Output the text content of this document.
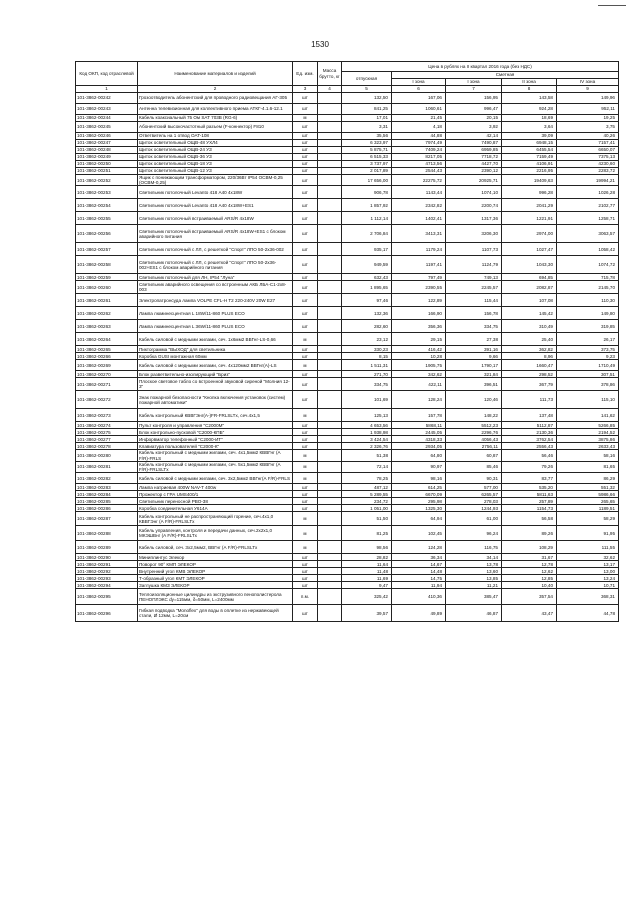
1530
Код ОКП, код отраслевой	Наименование материалов и изделий	Ед. изм.	Масса брутто, кг	Цена в рублях на II квартал 2016 года (без НДС)				
				отпускная	Сметная			
					I зона	I зона	II зона	IV зона
1	2	3	4	5	6	7	8	9
101-3862-00242	Грозоотводитель абонентский для проводного радиовещания АГ-305	шт		132,50	167,06	156,95	143,58	149,96
101-3862-00243	Антенна телевизионная для коллективного приема АТКГ-4.1.6-12.1	шт		841,25	1060,61	996,47	924,28	952,11
101-3862-00244	Кабель коаксиальный 75 Ом SAT 703B (RG-6)	м		17,01	21,45	20,15	18,69	19,25
101-3862-00245	Абонентский высокочастотный разъем (F-коннектор) F810	шт		3,31	4,18	3,92	3,64	3,75
101-3862-00246	Ответвитель на 1 отвод OAT-108	шт		35,56	44,88	42,14	39,09	40,26
101-3862-00247	Щиток осветительный ОЩВ-48 УХЛ4	шт		6 323,97	7974,49	7490,87	6948,15	7157,41
101-3862-00248	Щиток осветительный ОЩВ-24 УЗ	шт		5 875,71	7409,24	6959,85	6455,54	6650,07
101-3862-00249	Щиток осветительный ОЩВ-36 УЗ	шт		6 515,33	8217,05	7718,72	7159,49	7375,13
101-3862-00250	Щиток осветительный ОЩВ-18 УЗ	шт		3 737,97	4713,56	4427,70	4106,91	4230,60
101-3862-00251	Щиток осветительный ОЩВ-12 УЗ	шт		2 017,89	2544,43	2390,12	2216,95	2283,72
101-3862-00252	Ящик с понижающим трансформатором, 220/36Вт IP54 ОСВМ-0,25 (ОСВМ-0,25)	шт		17 656,00	22275,72	20925,71	19409,63	19994,21
101-3862-00253	Светильник потолочный Levanto 418 А40 4х18W	шт		906,78	1143,44	1074,10	996,28	1026,28
101-3862-00254	Светильник потолочный Levanto 418 А40 4х18W+ES1	шт		1 857,92	2342,82	2200,74	2041,29	2102,77
101-3862-00255	Светильник потолочный встраиваемый ARS/R 4х18W	шт		1 112,14	1402,41	1317,36	1221,91	1258,71
101-3862-00256	Светильник потолочный встраиваемый ARS/R 4х18W+ES1 с блоком аварийного питания	шт		2 706,84	3413,31	3206,30	2974,00	3063,57
101-3862-00257	Светильник потолочный с ЛЛ, с решеткой "Спорт" ЛПО 50-2х36-002	шт		935,17	1179,24	1107,73	1027,47	1058,42
101-3862-00258	Светильник потолочный с ЛЛ, с решеткой "Спорт" ЛПО 50-2х36-002+ES1 с блоком аварийного питания	шт		949,59	1197,41	1124,79	1043,30	1074,72
101-3862-00259	Светильник потолочный для ЛН, IP54 "Луна"	шт		632,43	797,49	749,13	694,85	715,78
101-3862-00260	Светильник аварийного освещения со встроенным АКБ ЛБА-С1-2х8-003	шт		1 895,65	2390,55	2245,57	2082,87	2145,70
101-3862-00261	Электропатронсуда лампа VOLPE CFL-H T2 220-240V 20W E27	шт		97,46	122,89	115,44	107,08	110,30
101-3862-00262	Лампа люминесцентная L 18W/11-860 PLUS ECO	шт		132,36	166,90	156,78	145,42	149,80
101-3862-00263	Лампа люминесцентная L 36W/11-860 PLUS ECO	шт		282,60	356,36	334,75	310,49	319,85
101-3862-00264	Кабель силовой с медными жилами, сеч. 1х6мм2 ВВГнг-LS-0,66	м		23,12	29,15	27,38	25,40	26,17
101-3862-00265	Пиктограмма "ВЫХОД" для светильника	шт		330,23	416,42	391,16	362,82	373,75
101-3862-00266	Коробка GUSI монтажная 60мм	шт		8,15	10,28	9,66	8,96	9,23
101-3862-00269	Кабель силовой с медными жилами, сеч. 4х120мм2 ВВГнг(А)-LS	м		1 511,31	1905,75	1790,17	1660,47	1710,49
101-3862-00270	Блок разветвительно-изолирующий "Бриз"	шт		271,70	342,62	321,84	298,52	307,51
101-3862-00271	Плоское световое табло со встроенной звуковой сиреной "Молния 12-3"	шт		334,75	422,11	396,51	367,79	378,86
101-3862-00272	Знак пожарной безопасности "Кнопка включения установок (систем) пожарной автоматики"	шт		101,69	128,24	120,46	111,73	115,10
101-3862-00273	Кабель контрольный КВВГЭнг(А-)FR-FRLSLTx, сеч.4х1,5	м		125,13	157,78	148,22	137,48	141,62
101-3862-00274	Пульт контроля и управления "С2000М"	шт		4 653,56	5868,11	5512,23	5112,87	5266,85
101-3862-00275	Блок контрольно-пусковой "С2000-КПБ"	шт		1 938,98	2445,05	2296,76	2130,36	2194,52
101-3862-00277	Инфорвматор телефонный "С2000-ИТ"	шт		3 424,54	4318,33	4056,43	3762,54	3875,86
101-3862-00278	Клавиатура пользователей "С2000-К"	шт		2 326,76	2934,05	2756,11	2556,43	2633,43
101-3862-00280	Кабель контрольный с медными жилами, сеч. 4х1,5мм2 КВВГнг (А F/R)-FRLS	м		51,38	64,80	60,87	56,46	58,16
101-3862-00281	Кабель контрольный с медными жилами, сеч. 5х1,5мм2 КВВГнг (А F/R)-FRLSLTx	м		72,14	90,97	85,46	79,26	81,65
101-3862-00282	Кабель силовой с медными жилами, сеч. 3х2,5мм2 ВВГнг(А F/R)-FRLS	м		78,25	98,16	90,31	83,77	86,29
101-3862-00283	Лампа натриевая 400W NAV-T 400w	шт		487,12	614,25	577,00	535,20	551,32
101-3862-00284	Прожектор с ГРА UMS400/1	шт		5 289,55	6670,09	6265,57	5811,63	5986,66
101-3862-00285	Светильник переносной РВО-38	шт		234,72	295,98	278,03	257,89	265,65
101-3862-00286	Коробка соединительная У614А	шт		1 051,00	1325,30	1244,93	1154,73	1189,51
101-3862-00287	Кабель контрольный не распространяющий горение, сеч.4х1,0 КВВГЭнг (А F/R)-FRLSLTx	м		51,50	64,94	61,00	56,58	58,29
101-3862-00288	Кабель управления, контроля и передачи данных, сеч.2х2х1,0 МКЭШВнг (А F/R)-FRLSLTx	м		81,25	102,45	96,24	89,26	91,95
101-3862-00289	Кабель силовой, сеч. 3х2,5мм2, ВВГнг (А F/R)-FRLSLTx	м		98,56	124,28	116,75	108,29	111,55
101-3862-00290	Миниплинтус Элекор	шт		28,82	36,34	34,14	31,67	32,62
101-3862-00291	Поворот 90° КМП ЭЛЕКОР	шт		11,64	14,67	13,78	12,78	13,17
101-3862-00292	Внутренний угол КМВ ЭЛЕКОР	шт		11,48	14,48	13,60	12,62	13,00
101-3862-00293	Т-образный угол КМТ ЭЛЕКОР	шт		11,69	14,75	13,85	12,85	13,24
101-3862-00294	Заглушка КМЗ ЭЛЕКОР	шт		9,47	11,94	11,21	10,40	10,71
101-3862-00295	Теплоизоляционные цилиндры из экструзивного пенополистерола ПЕНОПЛЭКС dy=115мм, δ=50мм, L=2400мм	п.м.		325,42	410,36	385,47	357,54	368,31
101-3862-00296	Гибкая подводка "Monoflex" для воды в оплетке из нержавеющей стали, Ø 12мм, L=20см	шт		39,57	49,89	46,87	43,47	44,78
